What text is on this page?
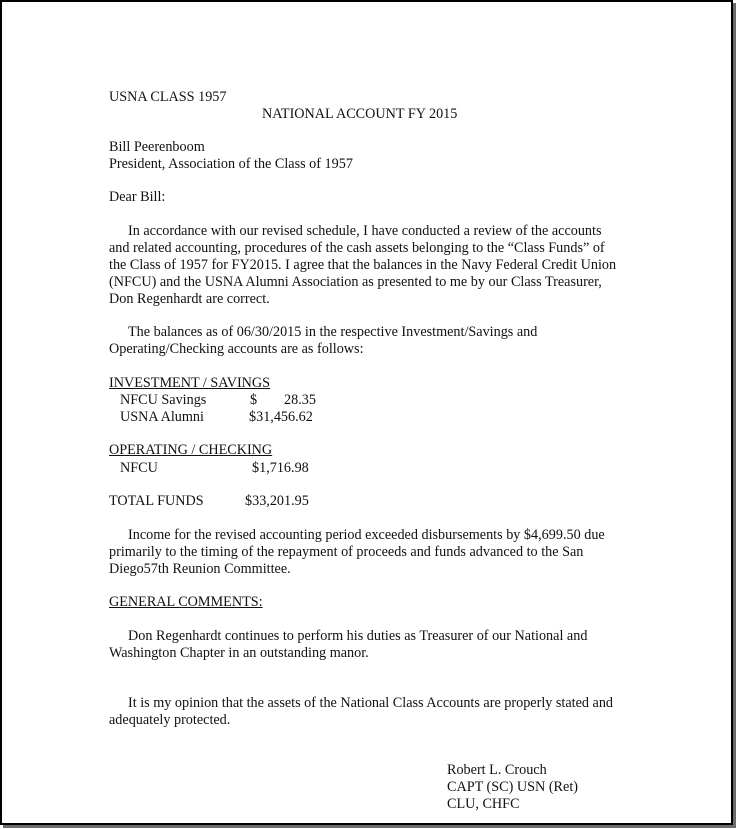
USNA CLASS 1957
NATIONAL ACCOUNT FY 2015
Bill Peerenboom
President, Association of the Class of 1957
Dear Bill:
In accordance with our revised schedule, I have conducted a review of the accounts
and related accounting, procedures of the cash assets belonging to the “Class Funds” of
the Class of 1957 for FY2015. I agree that the balances in the Navy Federal Credit Union
(NFCU) and the USNA Alumni Association as presented to me by our Class Treasurer,
Don Regenhardt are correct.
The balances as of 06/30/2015 in the respective Investment/Savings and
Operating/Checking accounts are as follows:
INVESTMENT / SAVINGS
NFCU Savings	$ 28.35
USNA Alumni	$31,456.62
OPERATING / CHECKING
NFCU	$1,716.98
TOTAL FUNDS	$33,201.95
Income for the revised accounting period exceeded disbursements by $4,699.50 due
primarily to the timing of the repayment of proceeds and funds advanced to the San
Diego57th Reunion Committee.
GENERAL COMMENTS:
Don Regenhardt continues to perform his duties as Treasurer of our National and
Washington Chapter in an outstanding manor.
It is my opinion that the assets of the National Class Accounts are properly stated and
adequately protected.
Robert L. Crouch
CAPT (SC) USN (Ret)
CLU, CHFC
